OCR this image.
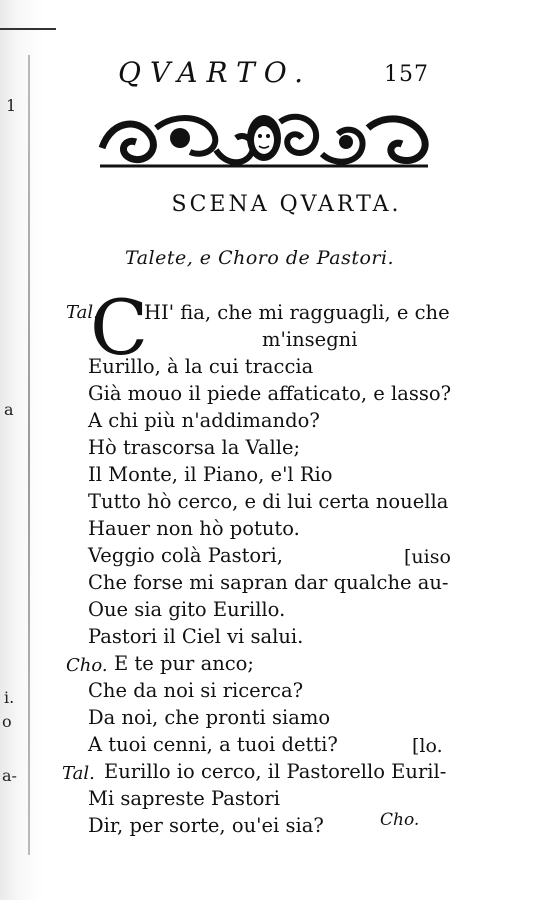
1
a
i.
o
a-
QVARTO.	157
SCENA QVARTA.
Talete, e Choro de Pastori.
Tal.
C
HI' fia, che mi ragguagli, e che
m'insegni
Eurillo, à la cui traccia
Già mouo il piede affaticato, e lasso?
A chi più n'addimando?
Hò trascorsa la Valle;
Il Monte, il Piano, e'l Rio
Tutto hò cerco, e di lui certa nouella
Hauer non hò potuto.
Veggio colà Pastori,	[uiso
Che forse mi sapran dar qualche au-
Oue sia gito Eurillo.
Pastori il Ciel vi salui.
Cho. E te pur anco;
Che da noi si ricerca?
Da noi, che pronti siamo
A tuoi cenni, a tuoi detti?	[lo.
Tal. Eurillo io cerco, il Pastorello Euril-
Mi sapreste Pastori
Dir, per sorte, ou'ei sia?	Cho.
